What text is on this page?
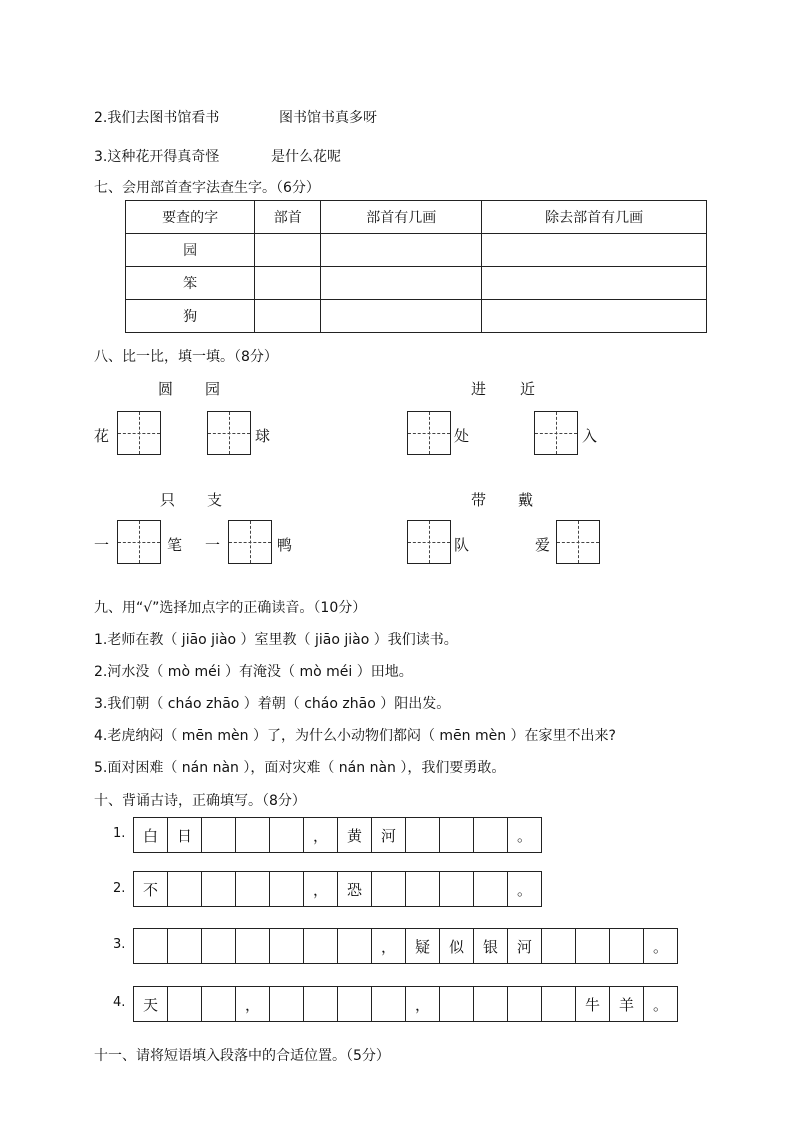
2.我们去图书馆看书	图书馆书真多呀
3.这种花开得真奇怪	是什么花呢
七、会用部首查字法查生字。（6分）
要查的字	部首	部首有几画	除去部首有几画
园			
笨			
狗			
八、比一比，填一填。（8分）
圆 园
花	球
进 近
处	入
只 支
一	笔 一	鸭
带 戴
队	爱
九、用“√”选择加点字的正确读音。（10分）
1.老师在教（ jiāo jiào ）室里教（ jiāo jiào ）我们读书。
2.河水没（ mò méi ）有淹没（ mò méi ）田地。
3.我们朝（ cháo zhāo ）着朝（ cháo zhāo ）阳出发。
4.老虎纳闷（ mēn mèn ）了，为什么小动物们都闷（ mēn mèn ）在家里不出来?
5.面对困难（ nán nàn ），面对灾难（ nán nàn ），我们要勇敢。
十、背诵古诗，正确填写。（8分）
1.	白	日	，	黄	河	。
2.	不	，	恐	。
3.	，	疑	似	银	河	。
4.	天	，	，	牛	羊	。
十一、请将短语填入段落中的合适位置。（5分）
